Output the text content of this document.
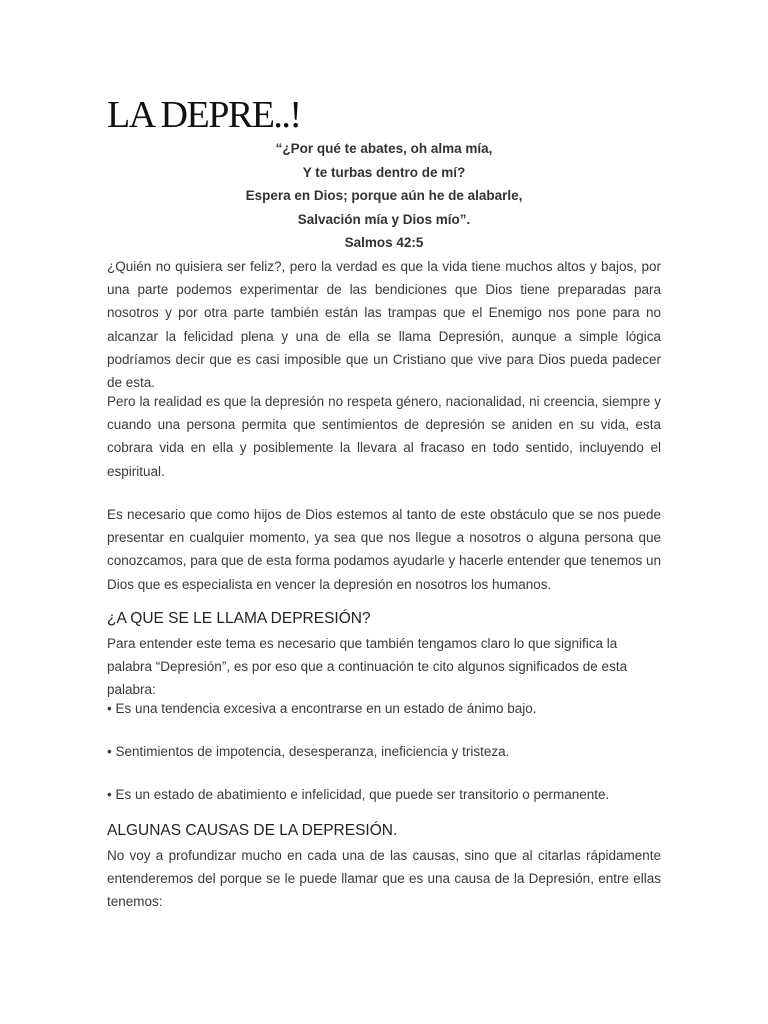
LA DEPRE..!
“¿Por qué te abates, oh alma mía,
Y te turbas dentro de mí?
Espera en Dios; porque aún he de alabarle,
Salvación mía y Dios mío”.
Salmos 42:5

¿Quién no quisiera ser feliz?, pero la verdad es que la vida tiene muchos altos y bajos, por una parte podemos experimentar de las bendiciones que Dios tiene preparadas para nosotros y por otra parte también están las trampas que el Enemigo nos pone para no alcanzar la felicidad plena y una de ella se llama Depresión, aunque a simple lógica podríamos decir que es casi imposible que un Cristiano que vive para Dios pueda padecer de esta.

Pero la realidad es que la depresión no respeta género, nacionalidad, ni creencia, siempre y cuando una persona permita que sentimientos de depresión se aniden en su vida, esta cobrara vida en ella y posiblemente la llevara al fracaso en todo sentido, incluyendo el espiritual.

Es necesario que como hijos de Dios estemos al tanto de este obstáculo que se nos puede presentar en cualquier momento, ya sea que nos llegue a nosotros o alguna persona que conozcamos, para que de esta forma podamos ayudarle y hacerle entender que tenemos un Dios que es especialista en vencer la depresión en nosotros los humanos.

¿A QUE SE LE LLAMA DEPRESIÓN?

Para entender este tema es necesario que también tengamos claro lo que significa la palabra “Depresión”, es por eso que a continuación te cito algunos significados de esta palabra:

• Es una tendencia excesiva a encontrarse en un estado de ánimo bajo.

• Sentimientos de impotencia, desesperanza, ineficiencia y tristeza.

• Es un estado de abatimiento e infelicidad, que puede ser transitorio o permanente.

ALGUNAS CAUSAS DE LA DEPRESIÓN.

No voy a profundizar mucho en cada una de las causas, sino que al citarlas rápidamente entenderemos del porque se le puede llamar que es una causa de la Depresión, entre ellas tenemos:
